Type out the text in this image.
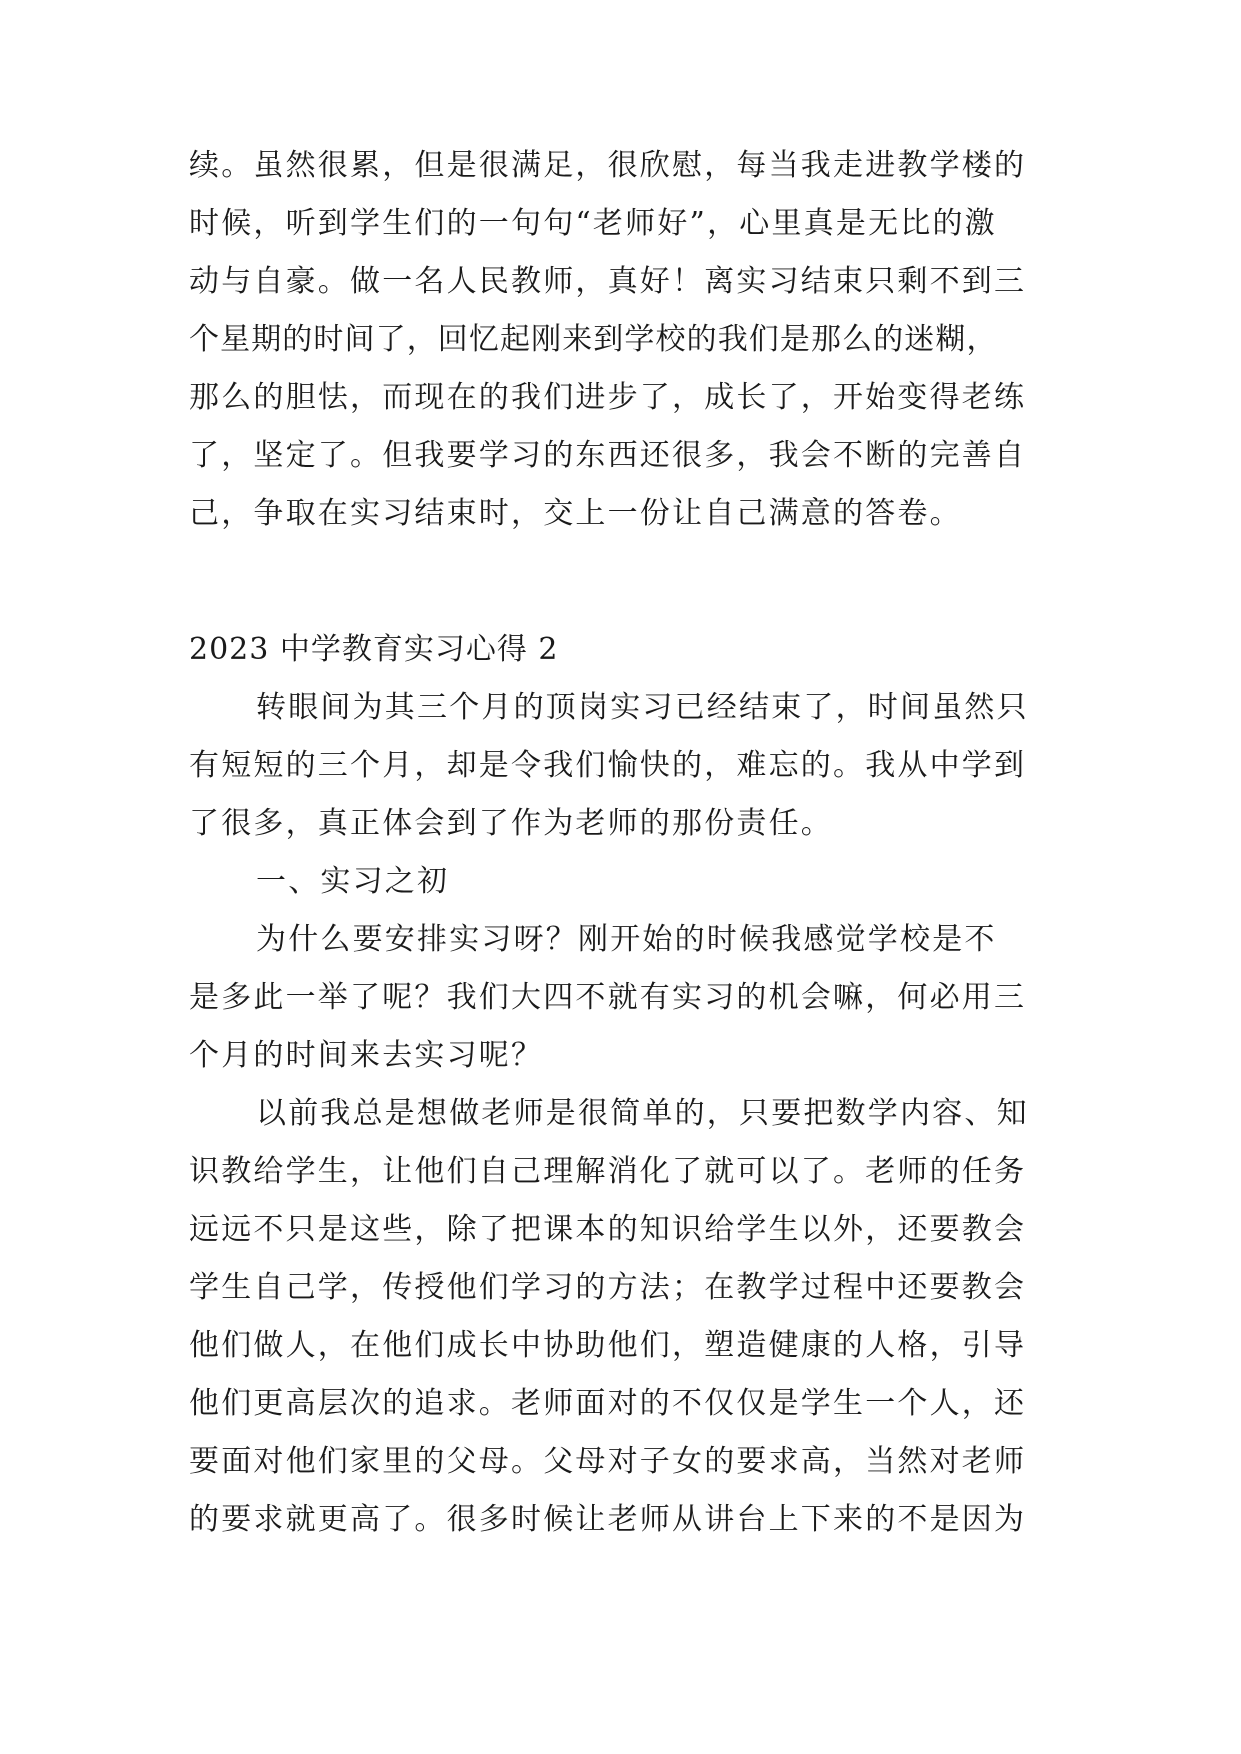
续。虽然很累，但是很满足，很欣慰，每当我走进教学楼的
时候，听到学生们的一句句“老师好”，心里真是无比的激
动与自豪。做一名人民教师，真好！离实习结束只剩不到三
个星期的时间了，回忆起刚来到学校的我们是那么的迷糊，
那么的胆怯，而现在的我们进步了，成长了，开始变得老练
了，坚定了。但我要学习的东西还很多，我会不断的完善自
己，争取在实习结束时，交上一份让自己满意的答卷。
2023 中学教育实习心得 2
转眼间为其三个月的顶岗实习已经结束了，时间虽然只
有短短的三个月，却是令我们愉快的，难忘的。我从中学到
了很多，真正体会到了作为老师的那份责任。
一、实习之初
为什么要安排实习呀？刚开始的时候我感觉学校是不
是多此一举了呢？我们大四不就有实习的机会嘛，何必用三
个月的时间来去实习呢？
以前我总是想做老师是很简单的，只要把数学内容、知
识教给学生，让他们自己理解消化了就可以了。老师的任务
远远不只是这些，除了把课本的知识给学生以外，还要教会
学生自己学，传授他们学习的方法；在教学过程中还要教会
他们做人，在他们成长中协助他们，塑造健康的人格，引导
他们更高层次的追求。老师面对的不仅仅是学生一个人，还
要面对他们家里的父母。父母对子女的要求高，当然对老师
的要求就更高了。很多时候让老师从讲台上下来的不是因为
